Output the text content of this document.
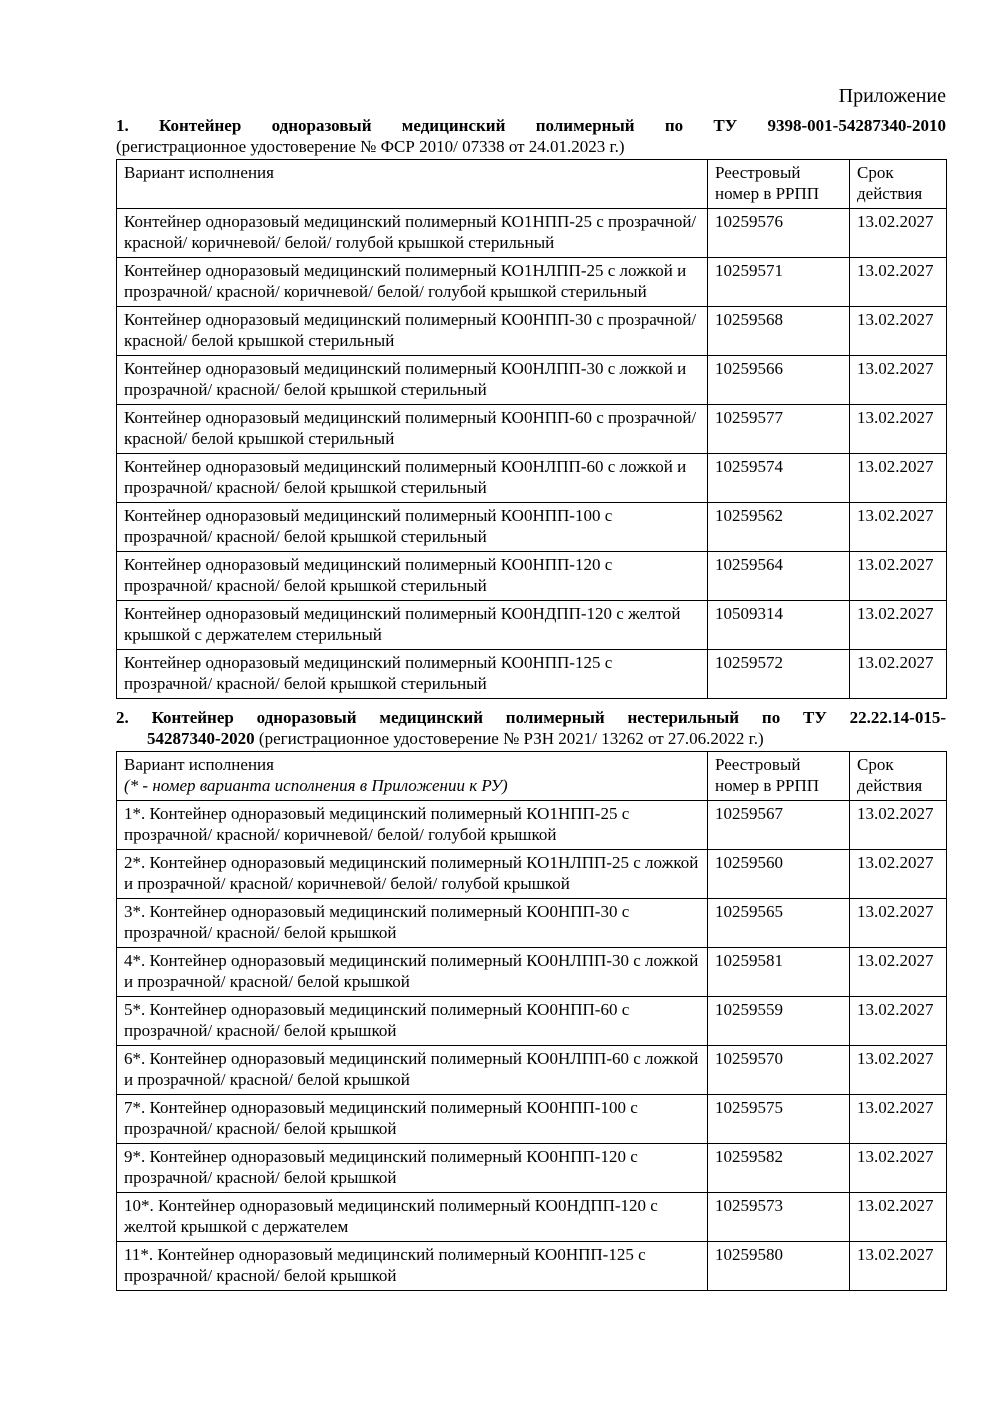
Приложение

1. Контейнер одноразовый медицинский полимерный по ТУ 9398-001-54287340-2010
(регистрационное удостоверение № ФСР 2010/ 07338 от 24.01.2023 г.)

Вариант исполнения	Реестровый номер в РРПП	Срок действия
Контейнер одноразовый медицинский полимерный КО1НПП-25 с прозрачной/ красной/ коричневой/ белой/ голубой крышкой стерильный	10259576	13.02.2027
Контейнер одноразовый медицинский полимерный КО1НЛПП-25 с ложкой и прозрачной/ красной/ коричневой/ белой/ голубой крышкой стерильный	10259571	13.02.2027
Контейнер одноразовый медицинский полимерный КО0НПП-30 с прозрачной/ красной/ белой крышкой стерильный	10259568	13.02.2027
Контейнер одноразовый медицинский полимерный КО0НЛПП-30 с ложкой и прозрачной/ красной/ белой крышкой стерильный	10259566	13.02.2027
Контейнер одноразовый медицинский полимерный КО0НПП-60 с прозрачной/ красной/ белой крышкой стерильный	10259577	13.02.2027
Контейнер одноразовый медицинский полимерный КО0НЛПП-60 с ложкой и прозрачной/ красной/ белой крышкой стерильный	10259574	13.02.2027
Контейнер одноразовый медицинский полимерный КО0НПП-100 с прозрачной/ красной/ белой крышкой стерильный	10259562	13.02.2027
Контейнер одноразовый медицинский полимерный КО0НПП-120 с прозрачной/ красной/ белой крышкой стерильный	10259564	13.02.2027
Контейнер одноразовый медицинский полимерный КО0НДПП-120 с желтой крышкой с держателем стерильный	10509314	13.02.2027
Контейнер одноразовый медицинский полимерный КО0НПП-125 с прозрачной/ красной/ белой крышкой стерильный	10259572	13.02.2027

2. Контейнер одноразовый медицинский полимерный нестерильный по ТУ 22.22.14-015-
54287340-2020 (регистрационное удостоверение № РЗН 2021/ 13262 от 27.06.2022 г.)

Вариант исполнения
(* - номер варианта исполнения в Приложении к РУ)	Реестровый номер в РРПП	Срок действия
1*. Контейнер одноразовый медицинский полимерный КО1НПП-25 с прозрачной/ красной/ коричневой/ белой/ голубой крышкой	10259567	13.02.2027
2*. Контейнер одноразовый медицинский полимерный КО1НЛПП-25 с ложкой и прозрачной/ красной/ коричневой/ белой/ голубой крышкой	10259560	13.02.2027
3*. Контейнер одноразовый медицинский полимерный КО0НПП-30 с прозрачной/ красной/ белой крышкой	10259565	13.02.2027
4*. Контейнер одноразовый медицинский полимерный КО0НЛПП-30 с ложкой и прозрачной/ красной/ белой крышкой	10259581	13.02.2027
5*. Контейнер одноразовый медицинский полимерный КО0НПП-60 с прозрачной/ красной/ белой крышкой	10259559	13.02.2027
6*. Контейнер одноразовый медицинский полимерный КО0НЛПП-60 с ложкой и прозрачной/ красной/ белой крышкой	10259570	13.02.2027
7*. Контейнер одноразовый медицинский полимерный КО0НПП-100 с прозрачной/ красной/ белой крышкой	10259575	13.02.2027
9*. Контейнер одноразовый медицинский полимерный КО0НПП-120 с прозрачной/ красной/ белой крышкой	10259582	13.02.2027
10*. Контейнер одноразовый медицинский полимерный КО0НДПП-120 с желтой крышкой с держателем	10259573	13.02.2027
11*. Контейнер одноразовый медицинский полимерный КО0НПП-125 с прозрачной/ красной/ белой крышкой	10259580	13.02.2027
